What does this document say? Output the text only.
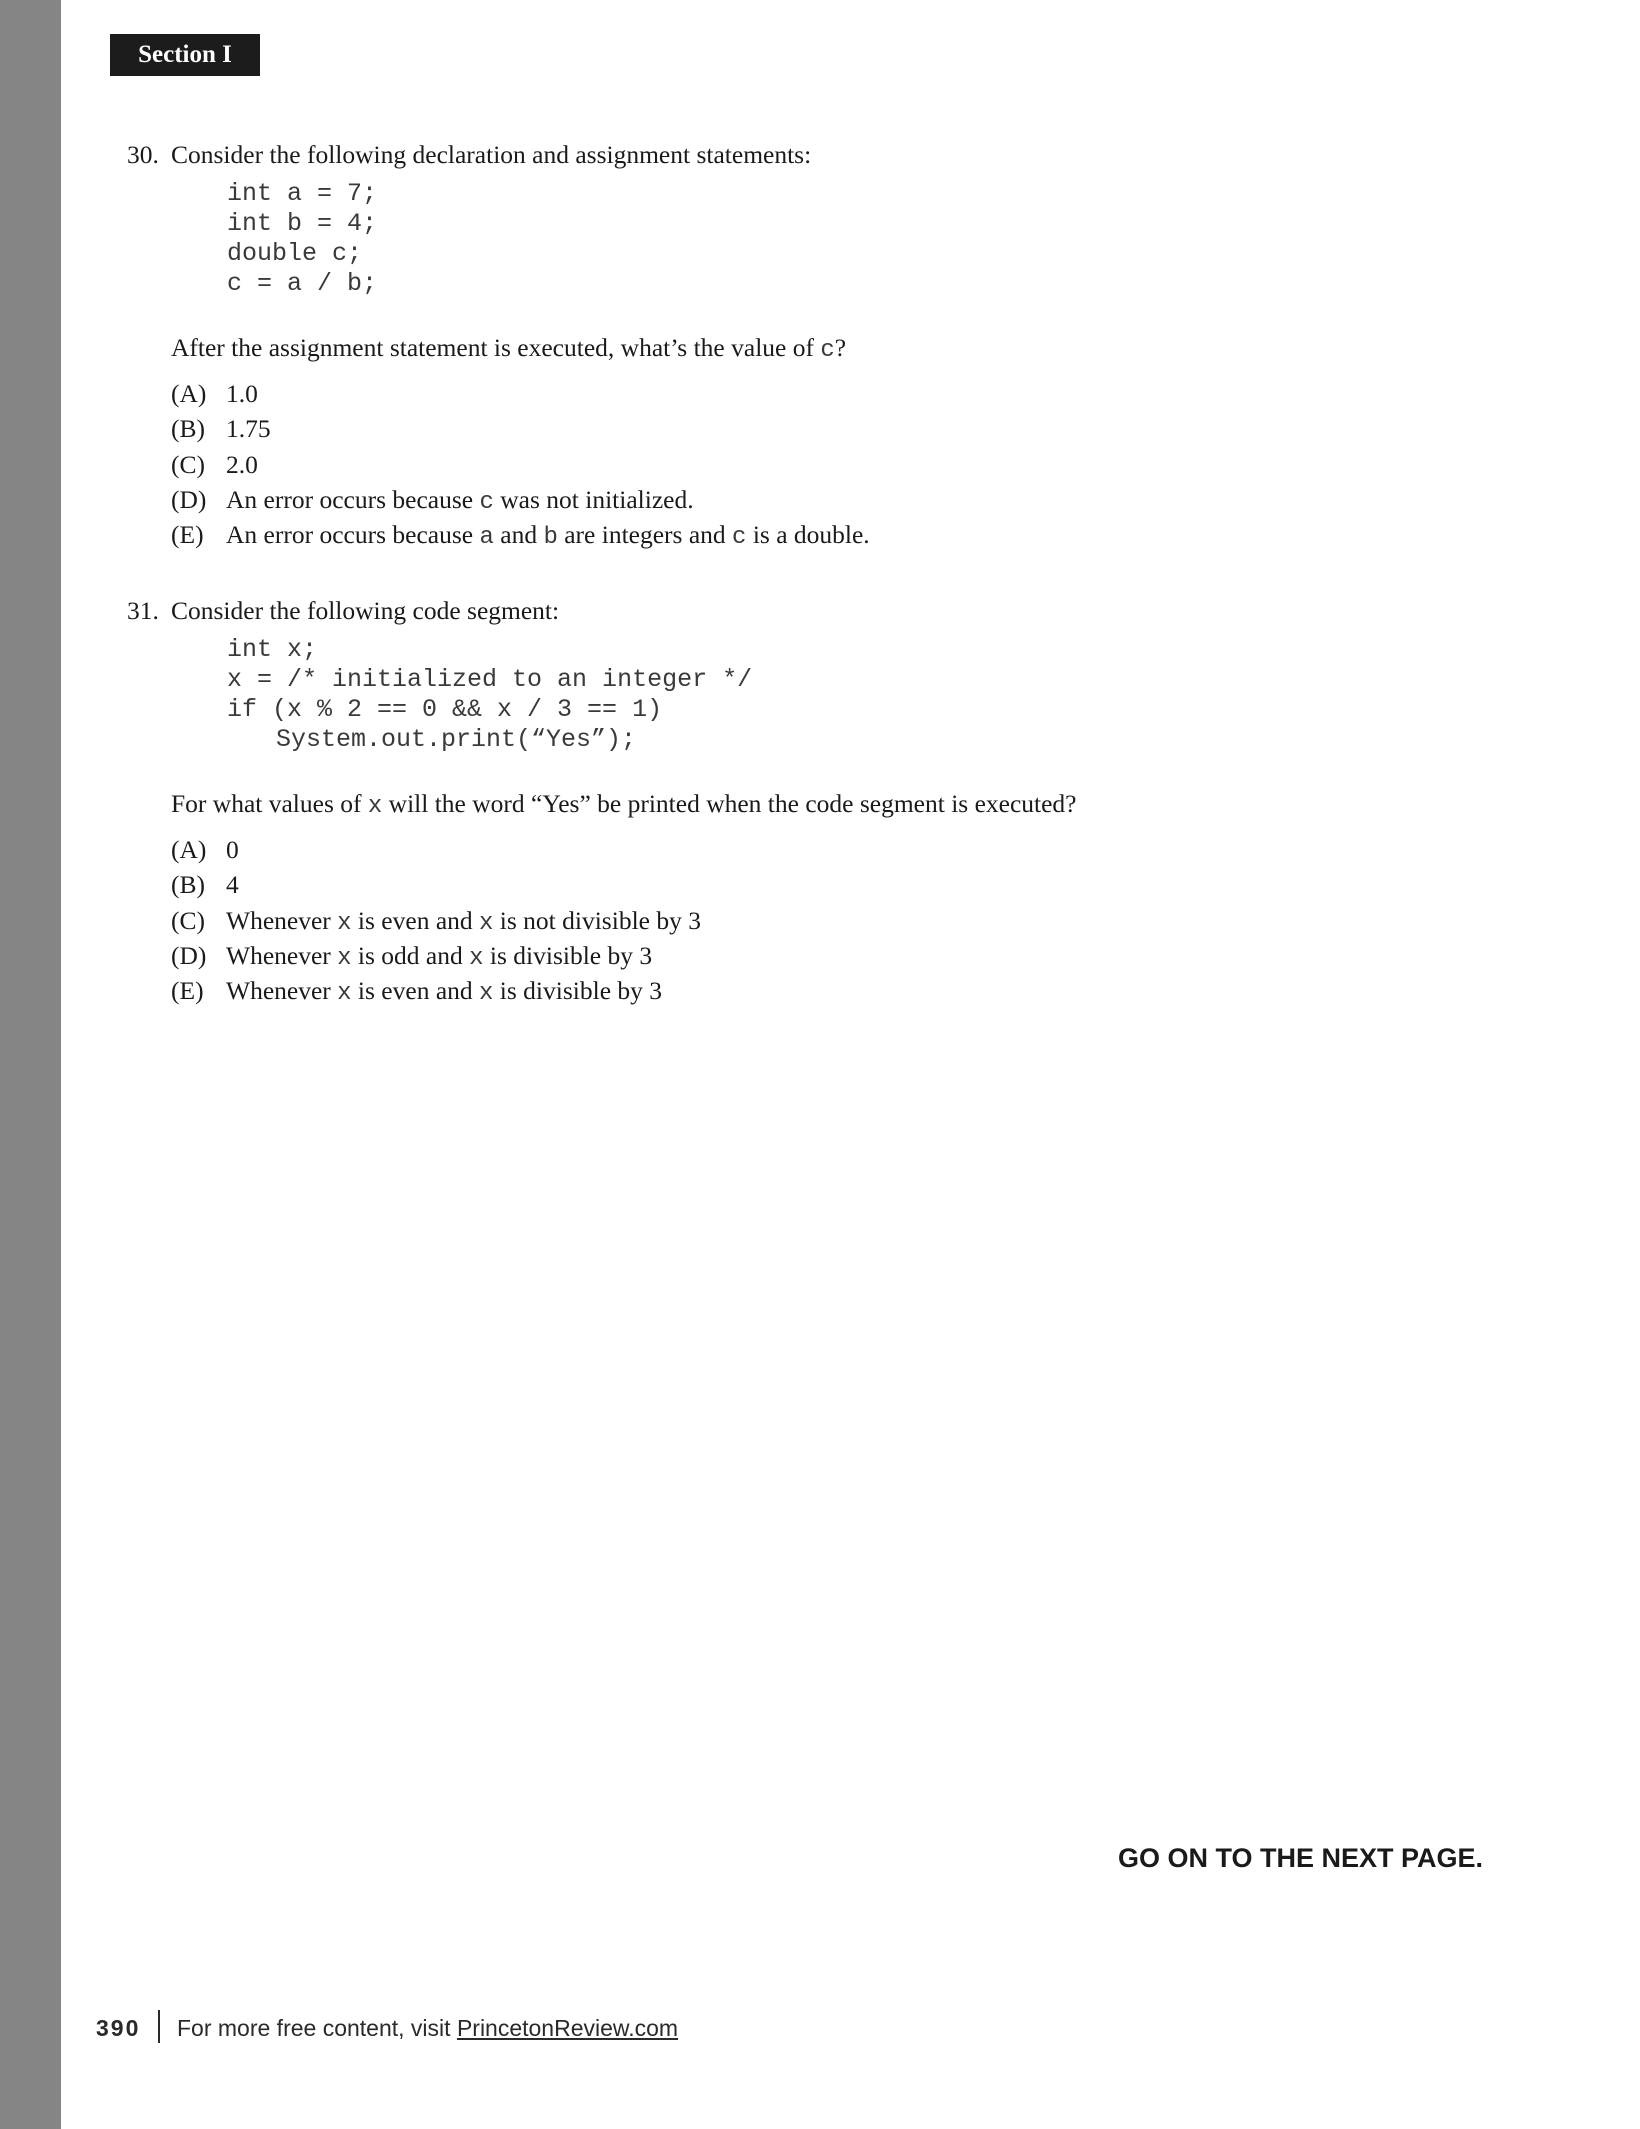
Section I
30. Consider the following declaration and assignment statements:
int a = 7;
int b = 4;
double c;
c = a / b;
After the assignment statement is executed, what’s the value of c?
(A) 1.0
(B) 1.75
(C) 2.0
(D) An error occurs because c was not initialized.
(E) An error occurs because a and b are integers and c is a double.
31. Consider the following code segment:
int x;
x = /* initialized to an integer */
if (x % 2 == 0 && x / 3 == 1)
System.out.print(“Yes”);
For what values of x will the word “Yes” be printed when the code segment is executed?
(A) 0
(B) 4
(C) Whenever x is even and x is not divisible by 3
(D) Whenever x is odd and x is divisible by 3
(E) Whenever x is even and x is divisible by 3
GO ON TO THE NEXT PAGE.
390 For more free content, visit PrincetonReview.com
